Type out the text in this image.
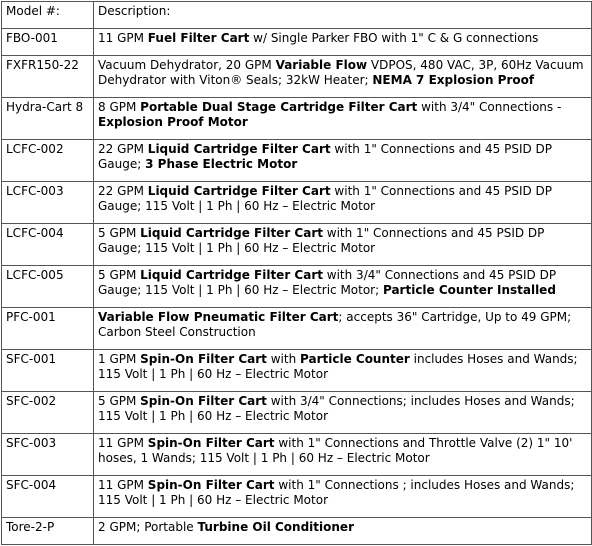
Model #:	Description:
FBO-001	11 GPM Fuel Filter Cart w/ Single Parker FBO with 1" C & G connections
FXFR150-22	Vacuum Dehydrator, 20 GPM Variable Flow VDPOS, 480 VAC, 3P, 60Hz Vacuum Dehydrator with Viton® Seals; 32kW Heater; NEMA 7 Explosion Proof
Hydra-Cart 8	8 GPM Portable Dual Stage Cartridge Filter Cart with 3/4" Connections - Explosion Proof Motor
LCFC-002	22 GPM Liquid Cartridge Filter Cart with 1" Connections and 45 PSID DP Gauge; 3 Phase Electric Motor
LCFC-003	22 GPM Liquid Cartridge Filter Cart with 1" Connections and 45 PSID DP Gauge; 115 Volt | 1 Ph | 60 Hz – Electric Motor
LCFC-004	5 GPM Liquid Cartridge Filter Cart with 1" Connections and 45 PSID DP Gauge; 115 Volt | 1 Ph | 60 Hz – Electric Motor
LCFC-005	5 GPM Liquid Cartridge Filter Cart with 3/4" Connections and 45 PSID DP Gauge; 115 Volt | 1 Ph | 60 Hz – Electric Motor; Particle Counter Installed
PFC-001	Variable Flow Pneumatic Filter Cart; accepts 36" Cartridge, Up to 49 GPM; Carbon Steel Construction
SFC-001	1 GPM Spin-On Filter Cart with Particle Counter includes Hoses and Wands; 115 Volt | 1 Ph | 60 Hz – Electric Motor
SFC-002	5 GPM Spin-On Filter Cart with 3/4" Connections; includes Hoses and Wands; 115 Volt | 1 Ph | 60 Hz – Electric Motor
SFC-003	11 GPM Spin-On Filter Cart with 1" Connections and Throttle Valve (2) 1" 10' hoses, 1 Wands; 115 Volt | 1 Ph | 60 Hz – Electric Motor
SFC-004	11 GPM Spin-On Filter Cart with 1" Connections ; includes Hoses and Wands; 115 Volt | 1 Ph | 60 Hz – Electric Motor
Tore-2-P	2 GPM; Portable Turbine Oil Conditioner
